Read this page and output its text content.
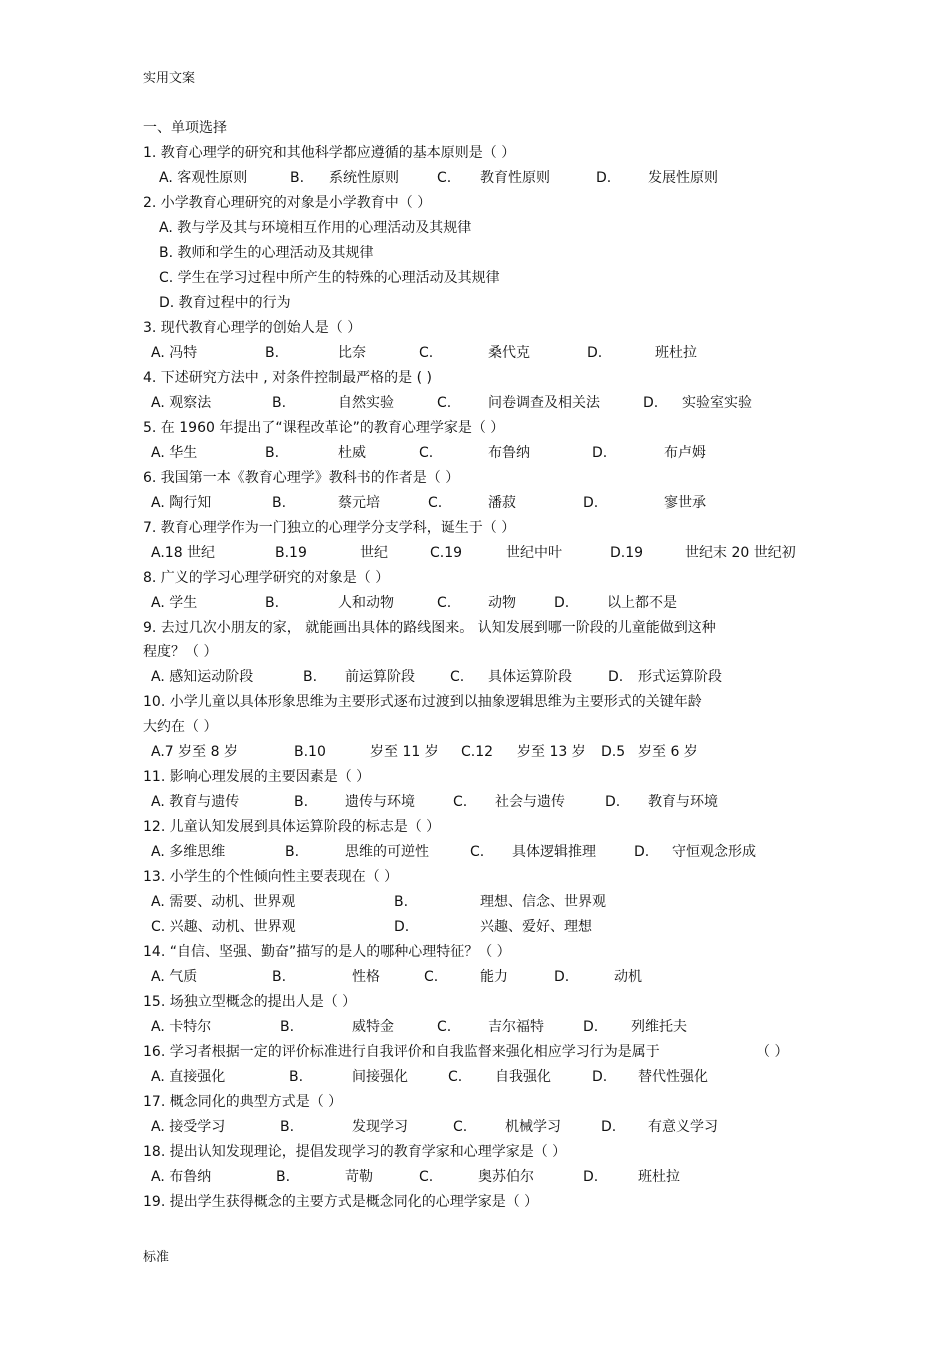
实用文案
一、单项选择
1. 教育心理学的研究和其他科学都应遵循的基本原则是（ ）
A. 客观性原则	B. 系统性原则	C. 教育性原则	D.	发展性原则
2. 小学教育心理研究的对象是小学教育中（ ）
A. 教与学及其与环境相互作用的心理活动及其规律
B. 教师和学生的心理活动及其规律
C. 学生在学习过程中所产生的特殊的心理活动及其规律
D. 教育过程中的行为
3. 现代教育心理学的创始人是（ ）
A. 冯特	B.	比奈	C.	桑代克	D.	班杜拉
4. 下述研究方法中 , 对条件控制最严格的是 ( )
A. 观察法	B.	自然实验	C.	问卷调查及相关法	D. 实验室实验
5. 在 1960 年提出了“课程改革论”的教育心理学家是（ ）
A. 华生	B.	杜威	C.	布鲁纳	D.	布卢姆
6. 我国第一本《教育心理学》教科书的作者是（ ）
A. 陶行知	B.	蔡元培	C.	潘菽	D.	寥世承
7. 教育心理学作为一门独立的心理学分支学科，诞生于（ ）
A.18 世纪	B.19	世纪	C.19	世纪中叶	D.19	世纪末 20 世纪初
8. 广义的学习心理学研究的对象是（ ）
A. 学生	B.	人和动物	C.	动物	D.	以上都不是
9. 去过几次小朋友的家， 就能画出具体的路线图来。 认知发展到哪一阶段的儿童能做到这种
程度？（ ）
A. 感知运动阶段	B. 前运算阶段	C. 具体运算阶段	D. 形式运算阶段
10. 小学儿童以具体形象思维为主要形式逐布过渡到以抽象逻辑思维为主要形式的关键年龄
大约在（ ）
A.7 岁至 8 岁	B.10	岁至 11 岁 C.12 岁至 13 岁 D.5 岁至 6 岁
11. 影响心理发展的主要因素是（ ）
A. 教育与遗传	B.	遗传与环境	C. 社会与遗传	D. 教育与环境
12. 儿童认知发展到具体运算阶段的标志是（ ）
A. 多维思维	B.	思维的可逆性	C. 具体逻辑推理	D. 守恒观念形成
13. 小学生的个性倾向性主要表现在（ ）
A. 需要、动机、世界观	B.	理想、信念、世界观
C. 兴趣、动机、世界观	D.	兴趣、爱好、理想
14. “自信、坚强、勤奋”描写的是人的哪种心理特征？（ ）
A. 气质	B.	性格	C.	能力	D.	动机
15. 场独立型概念的提出人是（ ）
A. 卡特尔	B.	威特金	C.	吉尔福特	D. 列维托夫
16. 学习者根据一定的评价标准进行自我评价和自我监督来强化相应学习行为是属于	（ ）
A. 直接强化	B.	间接强化	C. 自我强化	D. 替代性强化
17. 概念同化的典型方式是（ ）
A. 接受学习	B.	发现学习	C.	机械学习	D. 有意义学习
18. 提出认知发现理论，提倡发现学习的教育学家和心理学家是（ ）
A. 布鲁纳	B.	苛勒	C.	奥苏伯尔	D.	班杜拉
19. 提出学生获得概念的主要方式是概念同化的心理学家是（ ）
标准
